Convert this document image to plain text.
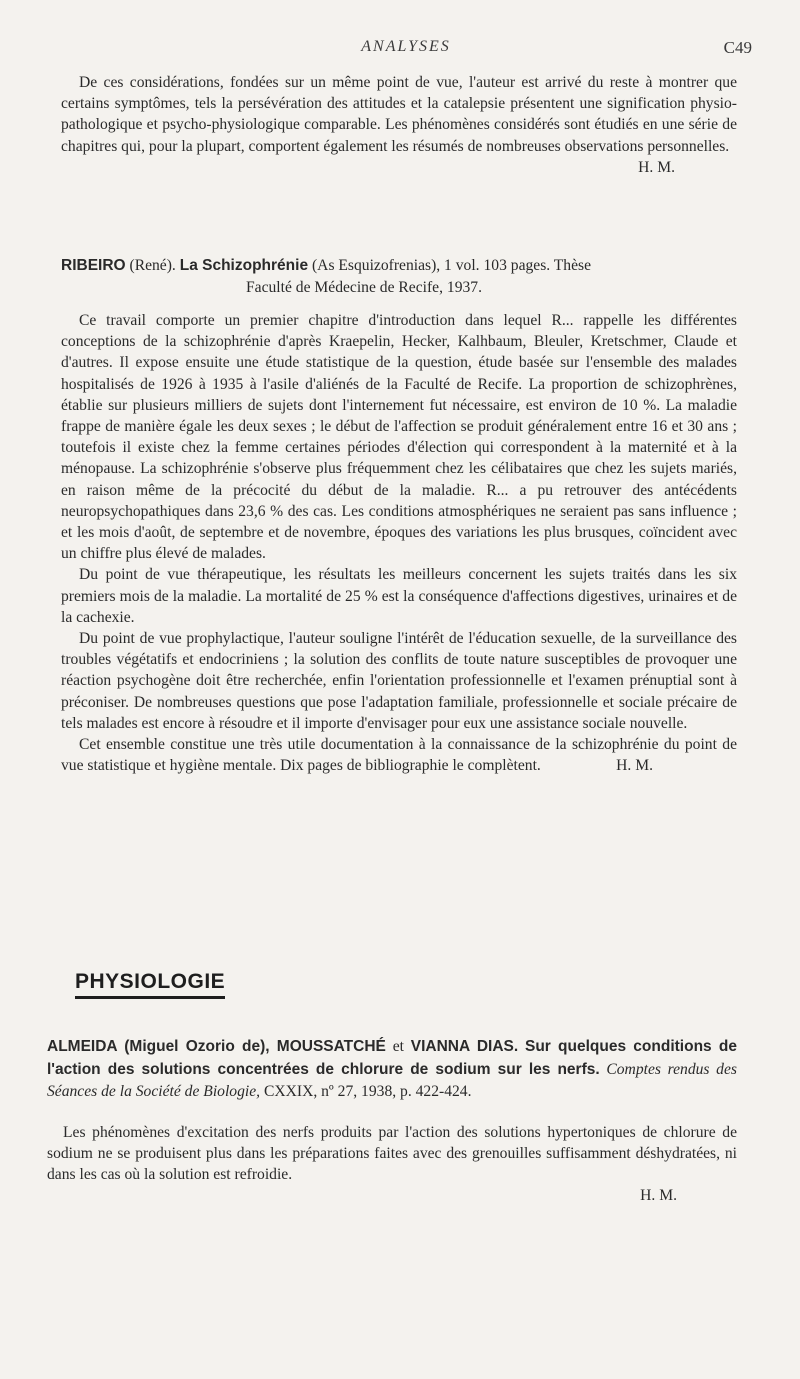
ANALYSES	C49

De ces considérations, fondées sur un même point de vue, l'auteur est arrivé du reste à montrer que certains symptômes, tels la persévération des attitudes et la catalepsie présentent une signification physio-pathologique et psycho-physiologique comparable. Les phénomènes considérés sont étudiés en une série de chapitres qui, pour la plupart, comportent également les résumés de nombreuses observations personnelles.

H. M.
RIBEIRO (René). La Schizophrénie (As Esquizofrenias), 1 vol. 103 pages. Thèse
Faculté de Médecine de Recife, 1937.

Ce travail comporte un premier chapitre d'introduction dans lequel R... rappelle les différentes conceptions de la schizophrénie d'après Kraepelin, Hecker, Kalhbaum, Bleuler, Kretschmer, Claude et d'autres. Il expose ensuite une étude statistique de la question, étude basée sur l'ensemble des malades hospitalisés de 1926 à 1935 à l'asile d'aliénés de la Faculté de Recife. La proportion de schizophrènes, établie sur plusieurs milliers de sujets dont l'internement fut nécessaire, est environ de 10 %. La maladie frappe de manière égale les deux sexes ; le début de l'affection se produit généralement entre 16 et 30 ans ; toutefois il existe chez la femme certaines périodes d'élection qui correspondent à la maternité et à la ménopause. La schizophrénie s'observe plus fréquemment chez les célibataires que chez les sujets mariés, en raison même de la précocité du début de la maladie. R... a pu retrouver des antécédents neuropsychopathiques dans 23,6 % des cas. Les conditions atmosphériques ne seraient pas sans influence ; et les mois d'août, de septembre et de novembre, époques des variations les plus brusques, coïncident avec un chiffre plus élevé de malades.

Du point de vue thérapeutique, les résultats les meilleurs concernent les sujets traités dans les six premiers mois de la maladie. La mortalité de 25 % est la conséquence d'affections digestives, urinaires et de la cachexie.

Du point de vue prophylactique, l'auteur souligne l'intérêt de l'éducation sexuelle, de la surveillance des troubles végétatifs et endocriniens ; la solution des conflits de toute nature susceptibles de provoquer une réaction psychogène doit être recherchée, enfin l'orientation professionnelle et l'examen prénuptial sont à préconiser. De nombreuses questions que pose l'adaptation familiale, professionnelle et sociale précaire de tels malades est encore à résoudre et il importe d'envisager pour eux une assistance sociale nouvelle.

Cet ensemble constitue une très utile documentation à la connaissance de la schizophrénie du point de vue statistique et hygiène mentale. Dix pages de bibliographie le complètent.	H. M.

PHYSIOLOGIE
ALMEIDA (Miguel Ozorio de), MOUSSATCHÉ et VIANNA DIAS. Sur quelques conditions de l'action des solutions concentrées de chlorure de sodium sur les nerfs. Comptes rendus des Séances de la Société de Biologie, CXXIX, nº 27, 1938, p. 422-424.

Les phénomènes d'excitation des nerfs produits par l'action des solutions hypertoniques de chlorure de sodium ne se produisent plus dans les préparations faites avec des grenouilles suffisamment déshydratées, ni dans les cas où la solution est refroidie.

H. M.
